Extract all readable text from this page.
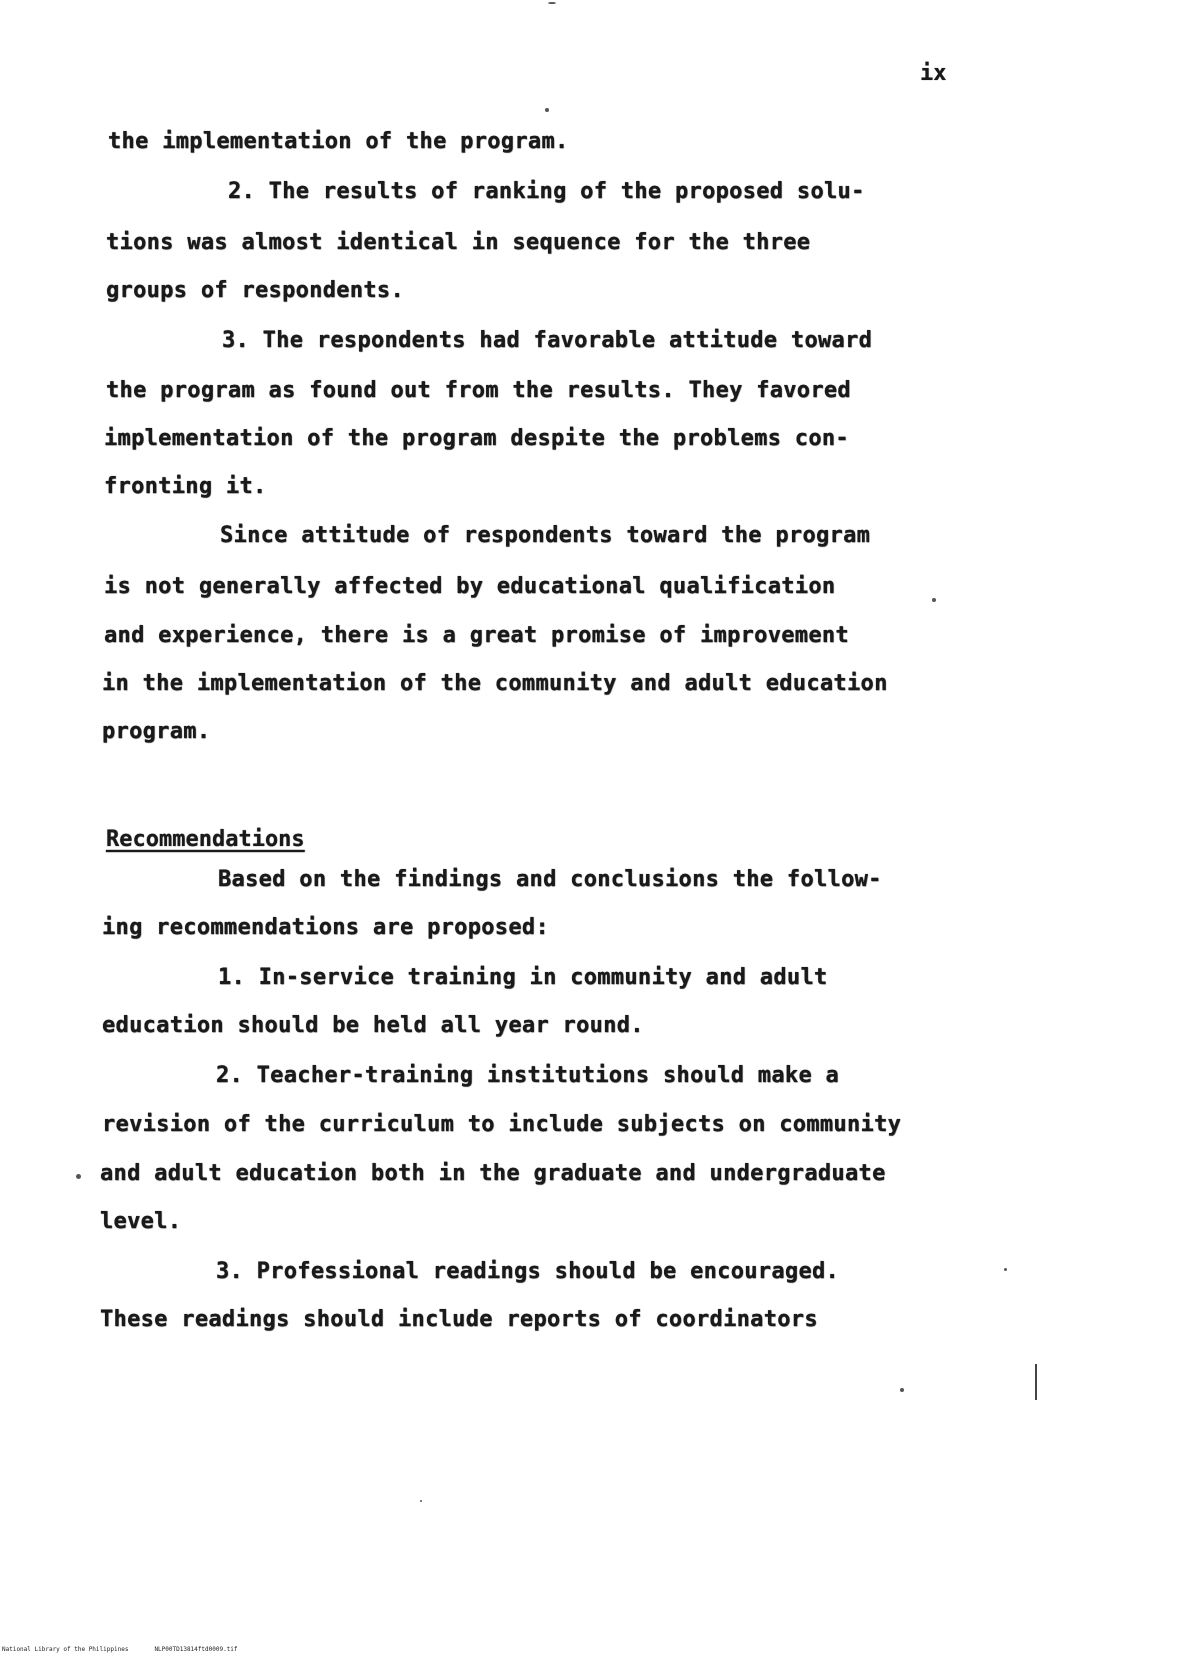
ix
the implementation of the program.
2. The results of ranking of the proposed solu-
tions was almost identical in sequence for the three
groups of respondents.
3. The respondents had favorable attitude toward
the program as found out from the results. They favored
implementation of the program despite the problems con-
fronting it.
Since attitude of respondents toward the program
is not generally affected by educational qualification
and experience, there is a great promise of improvement
in the implementation of the community and adult education
program.
Recommendations
Based on the findings and conclusions the follow-
ing recommendations are proposed:
1. In-service training in community and adult
education should be held all year round.
2. Teacher-training institutions should make a
revision of the curriculum to include subjects on community
and adult education both in the graduate and undergraduate
level.
3. Professional readings should be encouraged.
These readings should include reports of coordinators
National Library of the Philippines	NLP00TD13814ftd0009.tif
